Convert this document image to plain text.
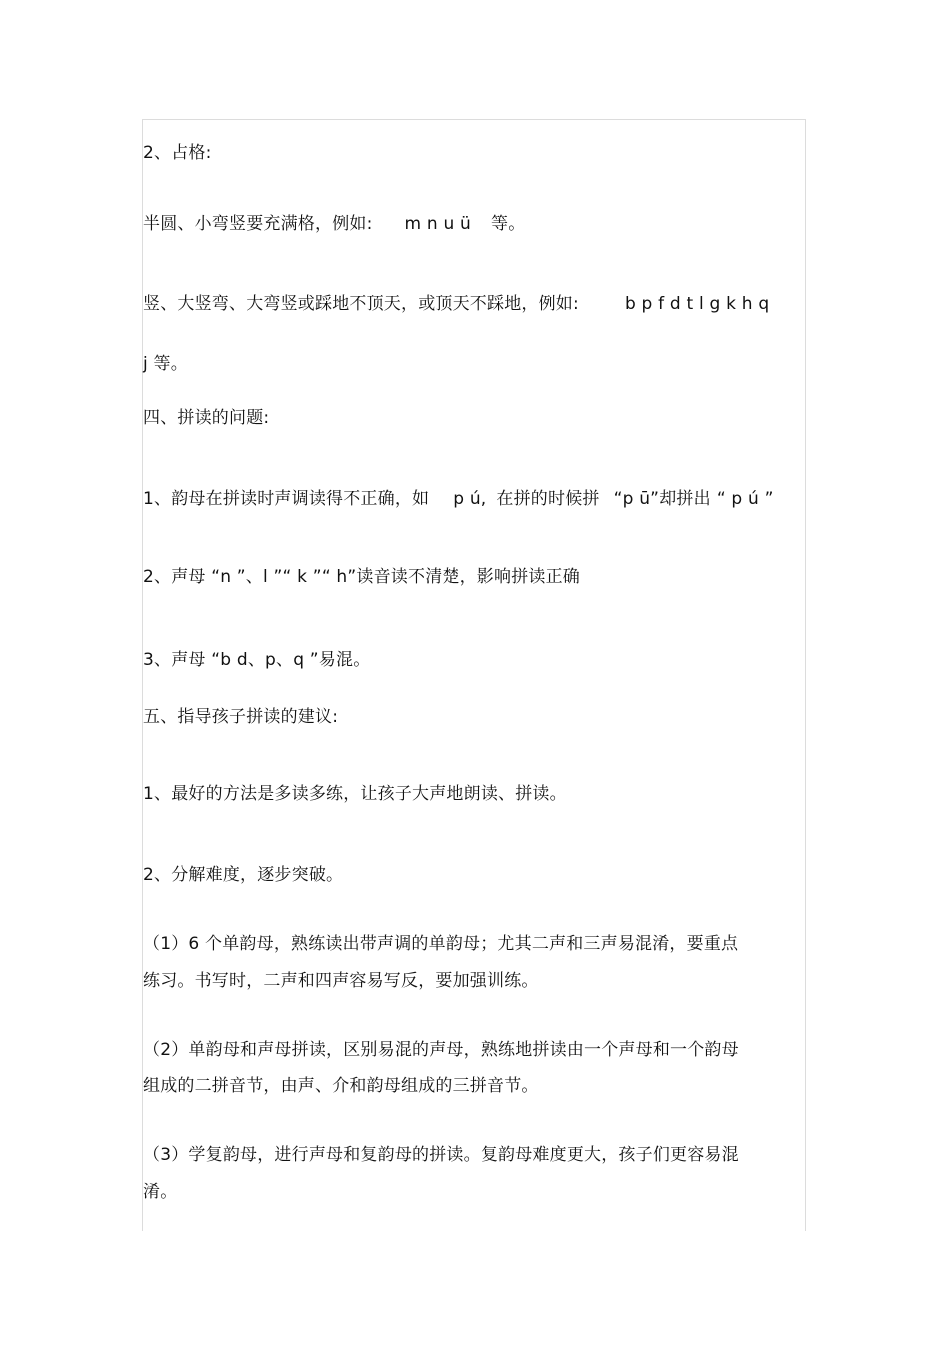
2、占格:
半圆、小弯竖要充满格，例如: m n u ü 等。
竖、大竖弯、大弯竖或踩地不顶天，或顶天不踩地，例如:	b p f d t l g k h q
j 等。
四、拼读的问题:
1、韵母在拼读时声调读得不正确，如 p ú, 在拼的时候拼 “p ū”却拼出 “ p ú ”
2、声母 “n ”、l ”“ k ”“ h”读音读不清楚，影响拼读正确
3、声母 “b d、p、q ”易混。
五、指导孩子拼读的建议:
1、最好的方法是多读多练，让孩子大声地朗读、拼读。
2、分解难度，逐步突破。
（1）6 个单韵母，熟练读出带声调的单韵母；尤其二声和三声易混淆，要重点
练习。书写时，二声和四声容易写反，要加强训练。
（2）单韵母和声母拼读，区别易混的声母，熟练地拼读由一个声母和一个韵母
组成的二拼音节，由声、介和韵母组成的三拼音节。
（3）学复韵母，进行声母和复韵母的拼读。复韵母难度更大，孩子们更容易混
淆。
